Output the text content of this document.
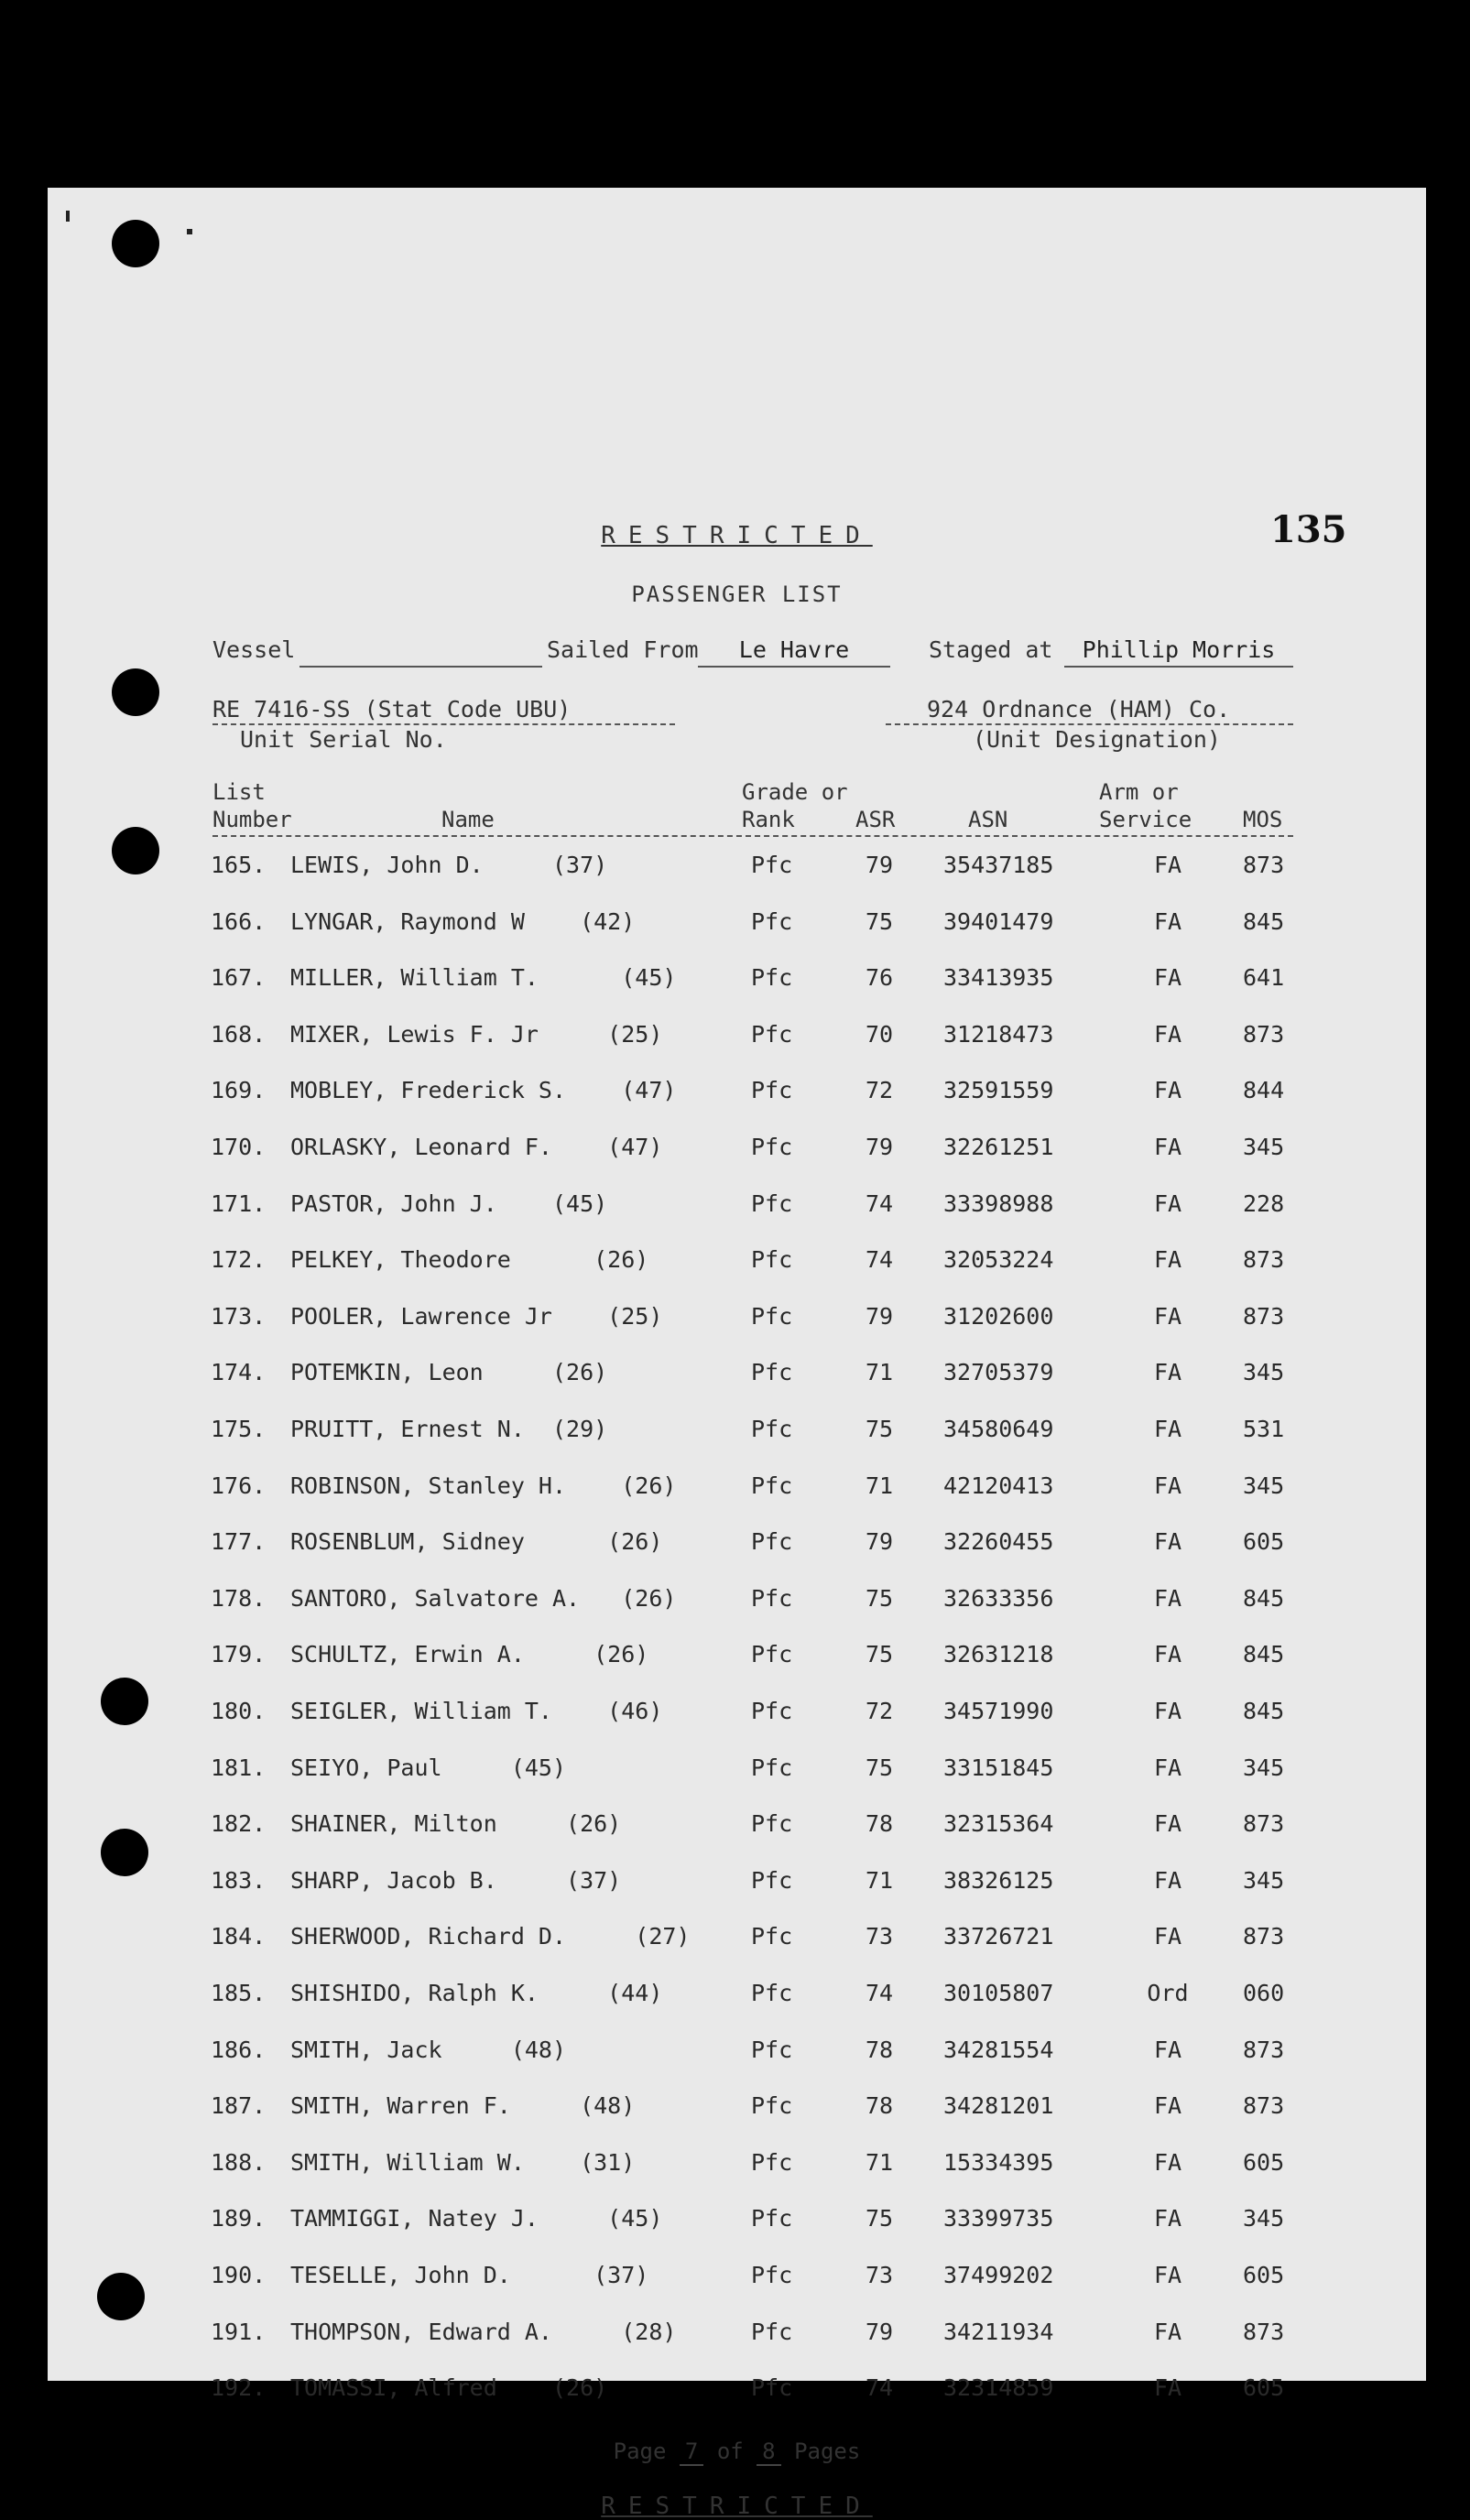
135
RESTRICTED
PASSENGER LIST
Vessel	Sailed From	Le Havre	Staged at	Phillip Morris
RE 7416-SS (Stat Code UBU)
Unit Serial No.
924 Ordnance (HAM) Co.
(Unit Designation)
List
Number	Name
Grade or
Rank	ASR	ASN
Arm or
Service MOS
165. LEWIS, John D.     (37)	Pfc	79 35437185	FA	873
166. LYNGAR, Raymond W    (42)	Pfc	75 39401479	FA	845
167. MILLER, William T.      (45)	Pfc	76 33413935	FA	641
168. MIXER, Lewis F. Jr     (25)	Pfc	70 31218473	FA	873
169. MOBLEY, Frederick S.    (47)	Pfc	72 32591559	FA	844
170. ORLASKY, Leonard F.    (47)	Pfc	79 32261251	FA	345
171. PASTOR, John J.    (45)	Pfc	74 33398988	FA	228
172. PELKEY, Theodore      (26)	Pfc	74 32053224	FA	873
173. POOLER, Lawrence Jr    (25)	Pfc	79 31202600	FA	873
174. POTEMKIN, Leon     (26)	Pfc	71 32705379	FA	345
175. PRUITT, Ernest N.  (29)	Pfc	75 34580649	FA	531
176. ROBINSON, Stanley H.    (26)	Pfc	71 42120413	FA	345
177. ROSENBLUM, Sidney      (26)	Pfc	79 32260455	FA	605
178. SANTORO, Salvatore A.   (26)	Pfc	75 32633356	FA	845
179. SCHULTZ, Erwin A.     (26)	Pfc	75 32631218	FA	845
180. SEIGLER, William T.    (46)	Pfc	72 34571990	FA	845
181. SEIYO, Paul     (45)	Pfc	75 33151845	FA	345
182. SHAINER, Milton     (26)	Pfc	78 32315364	FA	873
183. SHARP, Jacob B.     (37)	Pfc	71 38326125	FA	345
184. SHERWOOD, Richard D.     (27)	Pfc	73 33726721	FA	873
185. SHISHIDO, Ralph K.     (44)	Pfc	74 30105807	Ord	060
186. SMITH, Jack     (48)	Pfc	78 34281554	FA	873
187. SMITH, Warren F.     (48)	Pfc	78 34281201	FA	873
188. SMITH, William W.    (31)	Pfc	71 15334395	FA	605
189. TAMMIGGI, Natey J.     (45)	Pfc	75 33399735	FA	345
190. TESELLE, John D.      (37)	Pfc	73 37499202	FA	605
191. THOMPSON, Edward A.     (28)	Pfc	79 34211934	FA	873
192. TOMASSI, Alfred    (26)	Pfc	74 32314859	FA	605
Page 7 of 8 Pages
RESTRICTED
